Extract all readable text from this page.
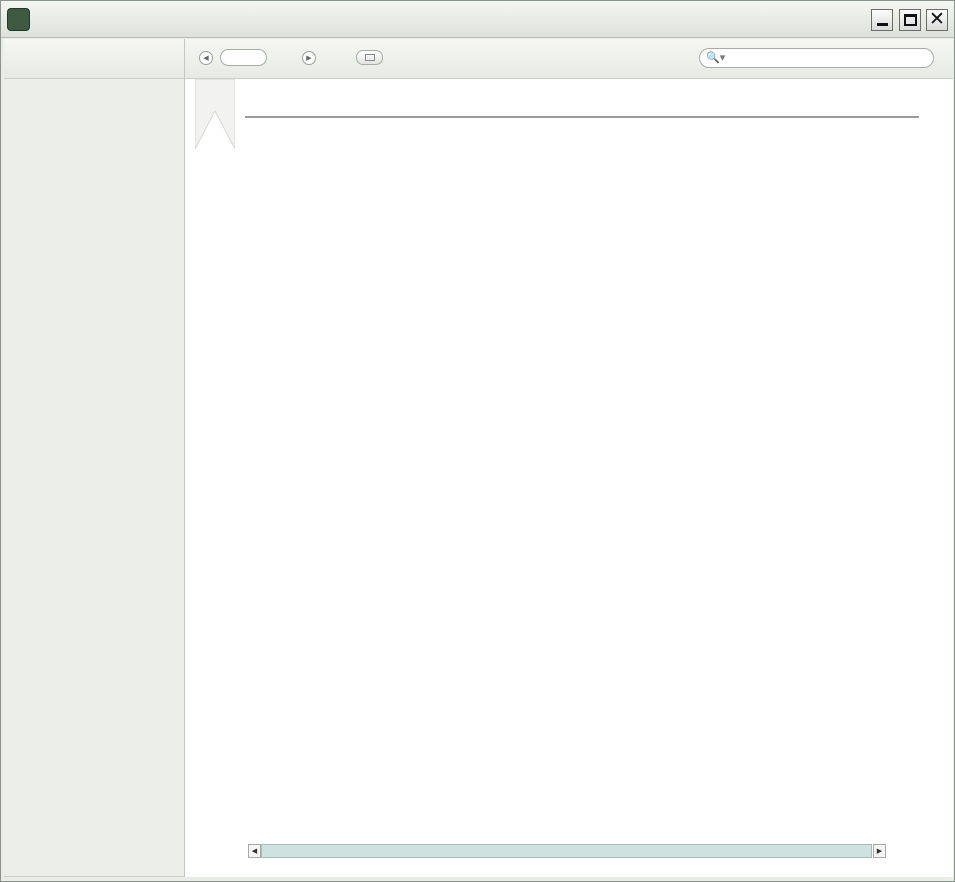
✕
◀	▶	🔍▾

◀	▶
